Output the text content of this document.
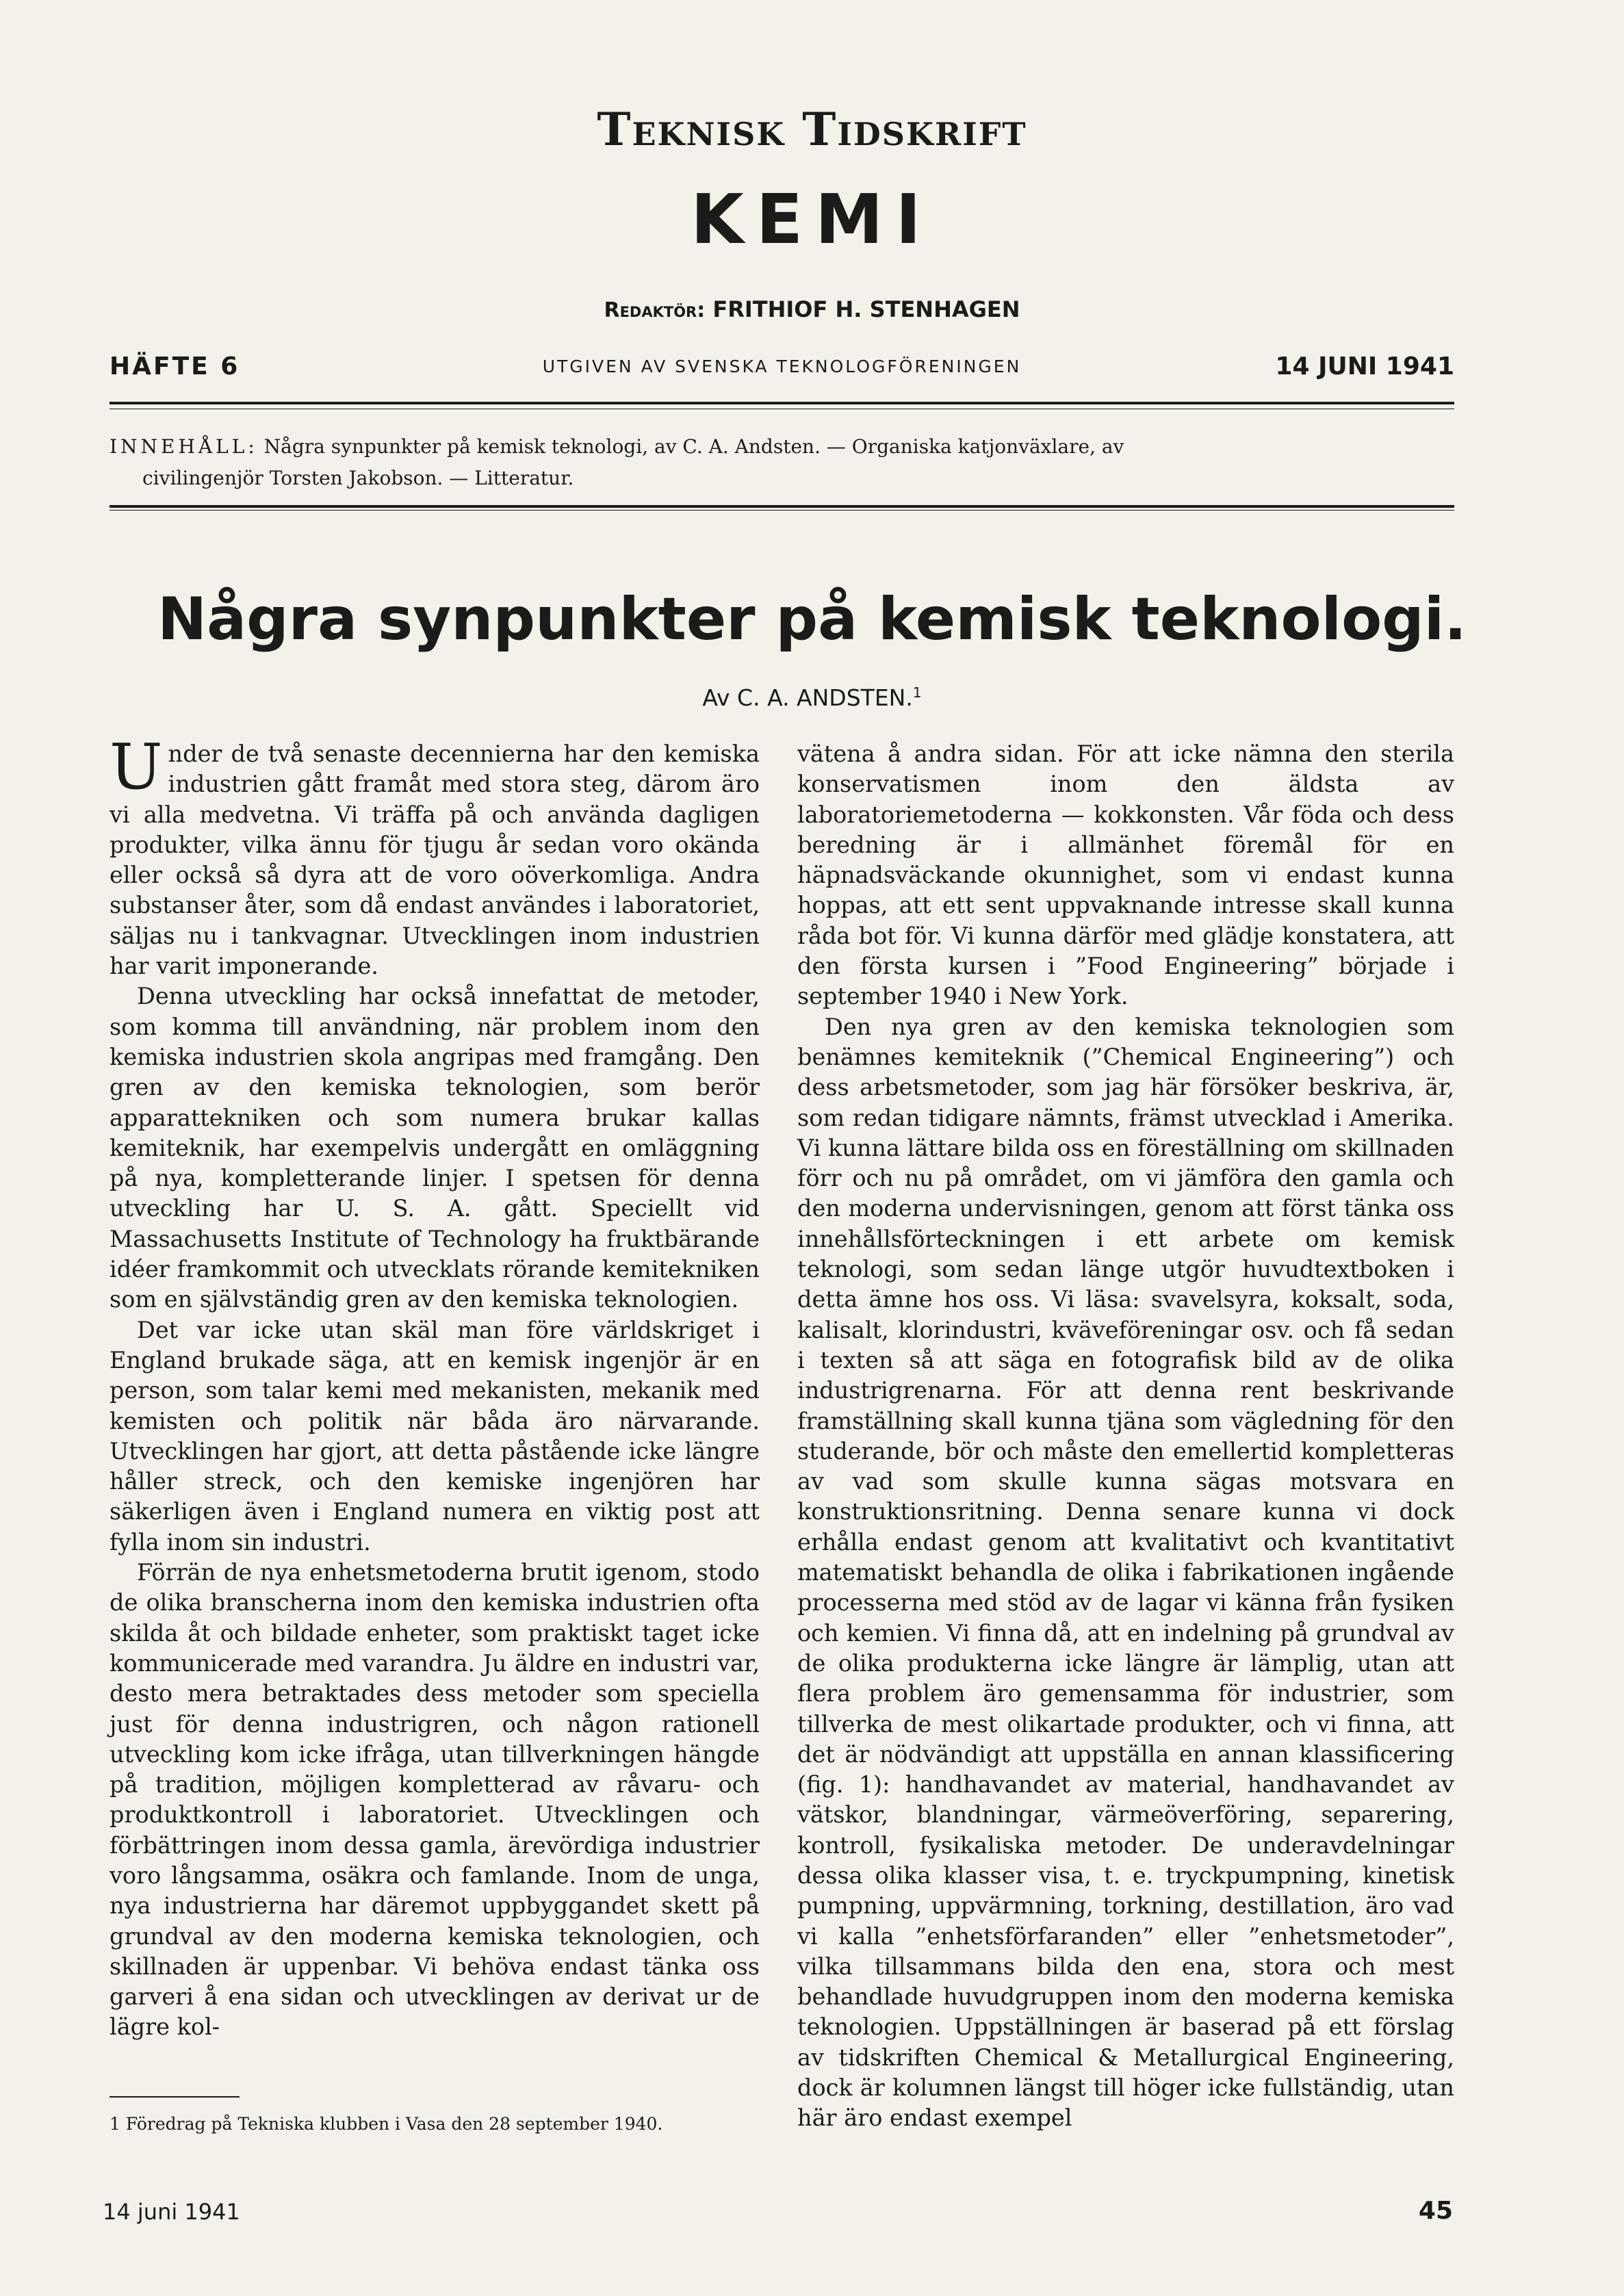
Teknisk Tidskrift
KEMI
Redaktör: FRITHIOF H. STENHAGEN
HÄFTE 6	UTGIVEN AV SVENSKA TEKNOLOGFÖRENINGEN	14 JUNI 1941
INNEHÅLL: Några synpunkter på kemisk teknologi, av C. A. Andsten. — Organiska katjonväxlare, av
civilingenjör Torsten Jakobson. — Litteratur.
Några synpunkter på kemisk teknologi.
Av C. A. ANDSTEN.$^1$

Under de två senaste decennierna har den kemiska industrien gått framåt med stora steg, därom äro vi alla medvetna. Vi träffa på och använda dagligen produkter, vilka ännu för tjugu år sedan voro okända eller också så dyra att de voro oöverkomliga. Andra substanser åter, som då endast användes i laboratoriet, säljas nu i tankvagnar. Utvecklingen inom industrien har varit imponerande.

Denna utveckling har också innefattat de metoder, som komma till användning, när problem inom den kemiska industrien skola angripas med framgång. Den gren av den kemiska teknologien, som berör apparattekniken och som numera brukar kallas kemiteknik, har exempelvis undergått en omläggning på nya, kompletterande linjer. I spetsen för denna utveckling har U. S. A. gått. Speciellt vid Massachusetts Institute of Technology ha fruktbärande idéer framkommit och utvecklats rörande kemitekniken som en självständig gren av den kemiska teknologien.

Det var icke utan skäl man före världskriget i England brukade säga, att en kemisk ingenjör är en person, som talar kemi med mekanisten, mekanik med kemisten och politik när båda äro närvarande. Utvecklingen har gjort, att detta påstående icke längre håller streck, och den kemiske ingenjören har säkerligen även i England numera en viktig post att fylla inom sin industri.

Förrän de nya enhetsmetoderna brutit igenom, stodo de olika branscherna inom den kemiska industrien ofta skilda åt och bildade enheter, som praktiskt taget icke kommunicerade med varandra. Ju äldre en industri var, desto mera betraktades dess metoder som speciella just för denna industrigren, och någon rationell utveckling kom icke ifråga, utan tillverkningen hängde på tradition, möjligen kompletterad av råvaru- och produktkontroll i laboratoriet. Utvecklingen och förbättringen inom dessa gamla, ärevördiga industrier voro långsamma, osäkra och famlande. Inom de unga, nya industrierna har däremot uppbyggandet skett på grundval av den moderna kemiska teknologien, och skillnaden är uppenbar. Vi behöva endast tänka oss garveri å ena sidan och utvecklingen av derivat ur de lägre kol-

vätena å andra sidan. För att icke nämna den sterila konservatismen inom den äldsta av laboratoriemetoderna — kokkonsten. Vår föda och dess beredning är i allmänhet föremål för en häpnadsväckande okunnighet, som vi endast kunna hoppas, att ett sent uppvaknande intresse skall kunna råda bot för. Vi kunna därför med glädje konstatera, att den första kursen i ”Food Engineering” började i september 1940 i New York.

Den nya gren av den kemiska teknologien som benämnes kemiteknik (”Chemical Engineering”) och dess arbetsmetoder, som jag här försöker beskriva, är, som redan tidigare nämnts, främst utvecklad i Amerika. Vi kunna lättare bilda oss en föreställning om skillnaden förr och nu på området, om vi jämföra den gamla och den moderna undervisningen, genom att först tänka oss innehållsförteckningen i ett arbete om kemisk teknologi, som sedan länge utgör huvudtextboken i detta ämne hos oss. Vi läsa: svavelsyra, koksalt, soda, kalisalt, klorindustri, kväveföreningar osv. och få sedan i texten så att säga en fotografisk bild av de olika industrigrenarna. För att denna rent beskrivande framställning skall kunna tjäna som vägledning för den studerande, bör och måste den emellertid kompletteras av vad som skulle kunna sägas motsvara en konstruktionsritning. Denna senare kunna vi dock erhålla endast genom att kvalitativt och kvantitativt matematiskt behandla de olika i fabrikationen ingående processerna med stöd av de lagar vi känna från fysiken och kemien. Vi finna då, att en indelning på grundval av de olika produkterna icke längre är lämplig, utan att flera problem äro gemensamma för industrier, som tillverka de mest olikartade produkter, och vi finna, att det är nödvändigt att uppställa en annan klassificering (fig. 1): handhavandet av material, handhavandet av vätskor, blandningar, värmeöverföring, separering, kontroll, fysikaliska metoder. De underavdelningar dessa olika klasser visa, t. e. tryckpumpning, kinetisk pumpning, uppvärmning, torkning, destillation, äro vad vi kalla ”enhetsförfaranden” eller ”enhetsmetoder”, vilka tillsammans bilda den ena, stora och mest behandlade huvudgruppen inom den moderna kemiska teknologien. Uppställningen är baserad på ett förslag av tidskriften Chemical & Metallurgical Engineering, dock är kolumnen längst till höger icke fullständig, utan här äro endast exempel

1 Föredrag på Tekniska klubben i Vasa den 28 september 1940.
14 juni 1941	45
